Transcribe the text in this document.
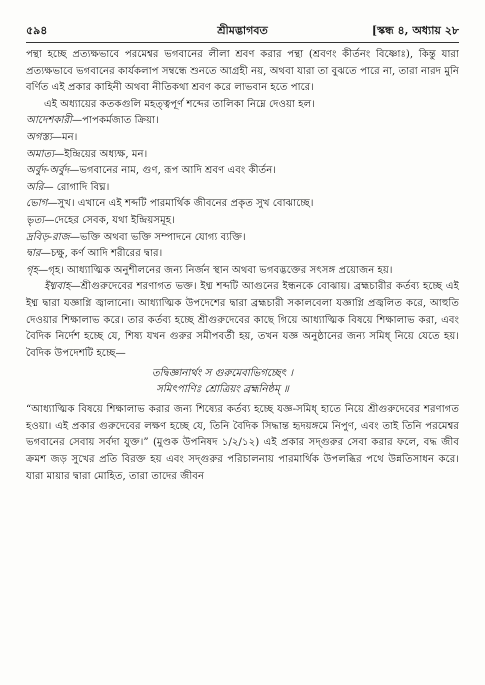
৫৯৪	শ্রীমদ্ভাগবত	[স্কন্ধ ৪, অধ্যায় ২৮

পন্থা হচ্ছে প্রত্যক্ষভাবে পরমেশ্বর ভগবানের লীলা শ্রবণ করার পন্থা (শ্রবণং কীর্তনং বিষ্ণোঃ), কিন্তু যারা প্রত্যক্ষভাবে ভগবানের কার্যকলাপ সম্বন্ধে শুনতে আগ্রহী নয়, অথবা যারা তা বুঝতে পারে না, তারা নারদ মুনি বর্ণিত এই প্রকার কাহিনী অথবা নীতিকথা শ্রবণ করে লাভবান হতে পারে।

এই অধ্যায়ের কতকগুলি মহত্ত্বপূর্ণ শব্দের তালিকা নিম্নে দেওয়া হল।

আদেশকারী—পাপকর্মজাত ক্রিয়া।

অগস্ত্য—মন।

অমাত্য—ইন্দ্রিয়ের অধ্যক্ষ, মন।

অর্বুদ-অর্বুদ—ভগবানের নাম, গুণ, রূপ আদি শ্রবণ এবং কীর্তন।

অরি— রোগাদি বিঘ্ন।

ভোগ—সুখ। এখানে এই শব্দটি পারমার্থিক জীবনের প্রকৃত সুখ বোঝাচ্ছে।

ভৃত্য—দেহের সেবক, যথা ইন্দ্রিয়সমূহ।

দ্রবিড়-রাজ—ভক্তি অথবা ভক্তি সম্পাদনে যোগ্য ব্যক্তি।

দ্বার—চক্ষু, কর্ণ আদি শরীরের দ্বার।

গৃহ—গৃহ। আধ্যাত্মিক অনুশীলনের জন্য নির্জন স্থান অথবা ভগবদ্ভক্তের সৎসঙ্গ প্রয়োজন হয়।

ইধ্মবাহ—শ্রীগুরুদেবের শরণাগত ভক্ত। ইধ্ম শব্দটি আগুনের ইন্ধনকে বোঝায়। ব্রহ্মচারীর কর্তব্য হচ্ছে এই ইধ্ম দ্বারা যজ্ঞাগ্নি জ্বালানো। আধ্যাত্মিক উপদেশের দ্বারা ব্রহ্মচারী সকালবেলা যজ্ঞাগ্নি প্রজ্বলিত করে, আহুতি দেওয়ার শিক্ষালাভ করে। তার কর্তব্য হচ্ছে শ্রীগুরুদেবের কাছে গিয়ে আধ্যাত্মিক বিষয়ে শিক্ষালাভ করা, এবং বৈদিক নির্দেশ হচ্ছে যে, শিষ্য যখন গুরুর সমীপবর্তী হয়, তখন যজ্ঞ অনুষ্ঠানের জন্য সমিধ্ নিয়ে যেতে হয়। বৈদিক উপদেশটি হচ্ছে—

তদ্বিজ্ঞানার্থং স গুরুমেবাভিগচ্ছেৎ ।
সমিৎপাণিঃ শ্রোত্রিয়ং ব্রহ্মনিষ্ঠম্ ॥

“আধ্যাত্মিক বিষয়ে শিক্ষালাভ করার জন্য শিষ্যের কর্তব্য হচ্ছে যজ্ঞ-সমিধ্ হাতে নিয়ে শ্রীগুরুদেবের শরণাগত হওয়া। এই প্রকার গুরুদেবের লক্ষণ হচ্ছে যে, তিনি বৈদিক সিদ্ধান্ত হৃদয়ঙ্গমে নিপুণ, এবং তাই তিনি পরমেশ্বর ভগবানের সেবায় সর্বদা যুক্ত।” (মুণ্ডক উপনিষদ ১/২/১২) এই প্রকার সদ্গুরুর সেবা করার ফলে, বদ্ধ জীব ক্রমশ জড় সুখের প্রতি বিরক্ত হয় এবং সদ্গুরুর পরিচালনায় পারমার্থিক উপলব্ধির পথে উন্নতিসাধন করে। যারা মায়ার দ্বারা মোহিত, তারা তাদের জীবন
